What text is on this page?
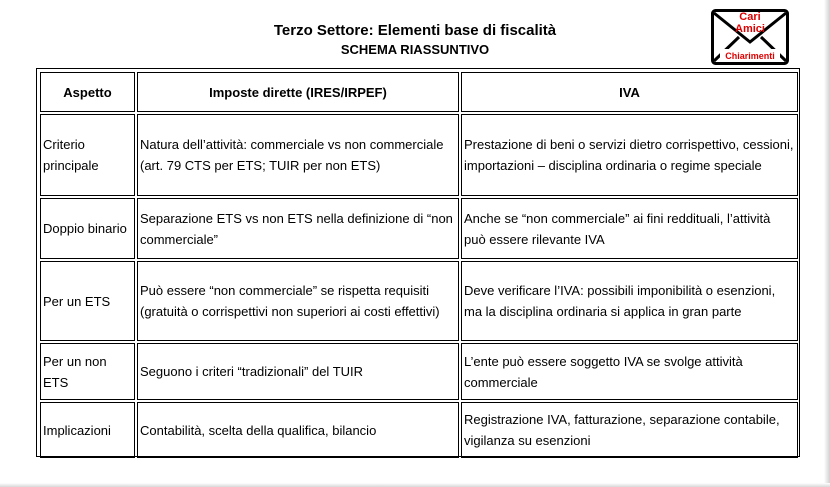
Terzo Settore: Elementi base di fiscalità
SCHEMA RIASSUNTIVO
Cari
Amici
Chiarimenti
Aspetto	Imposte dirette (IRES/IRPEF)	IVA
Criterio principale	Natura dell’attività: commerciale vs non commerciale (art. 79 CTS per ETS; TUIR per non ETS)	Prestazione di beni o servizi dietro corrispettivo, cessioni, importazioni – disciplina ordinaria o regime speciale
Doppio binario	Separazione ETS vs non ETS nella definizione di “non commerciale”	Anche se “non commerciale” ai fini reddituali, l’attività può essere rilevante IVA
Per un ETS	Può essere “non commerciale” se rispetta requisiti (gratuità o corrispettivi non superiori ai costi effettivi)	Deve verificare l’IVA: possibili imponibilità o esenzioni, ma la disciplina ordinaria si applica in gran parte
Per un non ETS	Seguono i criteri “tradizionali” del TUIR	L’ente può essere soggetto IVA se svolge attività commerciale
Implicazioni	Contabilità, scelta della qualifica, bilancio	Registrazione IVA, fatturazione, separazione contabile, vigilanza su esenzioni
